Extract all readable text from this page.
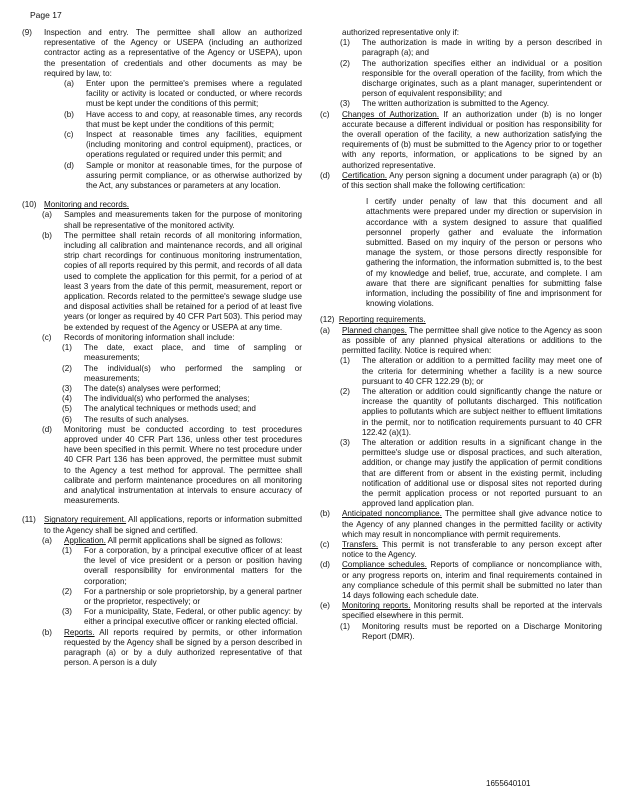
Page 17
(9) Inspection and entry. The permittee shall allow an authorized representative of the Agency or USEPA (including an authorized contractor acting as a representative of the Agency or USEPA), upon the presentation of credentials and other documents as may be required by law, to:
(a) Enter upon the permittee's premises where a regulated facility or activity is located or conducted, or where records must be kept under the conditions of this permit;
(b) Have access to and copy, at reasonable times, any records that must be kept under the conditions of this permit;
(c) Inspect at reasonable times any facilities, equipment (including monitoring and control equipment), practices, or operations regulated or required under this permit; and
(d) Sample or monitor at reasonable times, for the purpose of assuring permit compliance, or as otherwise authorized by the Act, any substances or parameters at any location.
(10) Monitoring and records.
(a) Samples and measurements taken for the purpose of monitoring shall be representative of the monitored activity.
(b) The permittee shall retain records of all monitoring information, including all calibration and maintenance records, and all original strip chart recordings for continuous monitoring instrumentation, copies of all reports required by this permit, and records of all data used to complete the application for this permit, for a period of at least 3 years from the date of this permit, measurement, report or application. Records related to the permittee's sewage sludge use and disposal activities shall be retained for a period of at least five years (or longer as required by 40 CFR Part 503). This period may be extended by request of the Agency or USEPA at any time.
(c) Records of monitoring information shall include:
(1) The date, exact place, and time of sampling or measurements;
(2) The individual(s) who performed the sampling or measurements;
(3) The date(s) analyses were performed;
(4) The individual(s) who performed the analyses;
(5) The analytical techniques or methods used; and
(6) The results of such analyses.
(d) Monitoring must be conducted according to test procedures approved under 40 CFR Part 136, unless other test procedures have been specified in this permit. Where no test procedure under 40 CFR Part 136 has been approved, the permittee must submit to the Agency a test method for approval. The permittee shall calibrate and perform maintenance procedures on all monitoring and analytical instrumentation at intervals to ensure accuracy of measurements.
(11) Signatory requirement. All applications, reports or information submitted to the Agency shall be signed and certified.
(a) Application. All permit applications shall be signed as follows:
(1) For a corporation, by a principal executive officer of at least the level of vice president or a person or position having overall responsibility for environmental matters for the corporation;
(2) For a partnership or sole proprietorship, by a general partner or the proprietor, respectively; or
(3) For a municipality, State, Federal, or other public agency: by either a principal executive officer or ranking elected official.
(b) Reports. All reports required by permits, or other information requested by the Agency shall be signed by a person described in paragraph (a) or by a duly authorized representative of that person. A person is a duly
authorized representative only if:
(1) The authorization is made in writing by a person described in paragraph (a); and
(2) The authorization specifies either an individual or a position responsible for the overall operation of the facility, from which the discharge originates, such as a plant manager, superintendent or person of equivalent responsibility; and
(3) The written authorization is submitted to the Agency.
(c) Changes of Authorization. If an authorization under (b) is no longer accurate because a different individual or position has responsibility for the overall operation of the facility, a new authorization satisfying the requirements of (b) must be submitted to the Agency prior to or together with any reports, information, or applications to be signed by an authorized representative.
(d) Certification. Any person signing a document under paragraph (a) or (b) of this section shall make the following certification:
I certify under penalty of law that this document and all attachments were prepared under my direction or supervision in accordance with a system designed to assure that qualified personnel properly gather and evaluate the information submitted. Based on my inquiry of the person or persons who manage the system, or those persons directly responsible for gathering the information, the information submitted is, to the best of my knowledge and belief, true, accurate, and complete. I am aware that there are significant penalties for submitting false information, including the possibility of fine and imprisonment for knowing violations.
(12) Reporting requirements.
(a) Planned changes. The permittee shall give notice to the Agency as soon as possible of any planned physical alterations or additions to the permitted facility. Notice is required when:
(1) The alteration or addition to a permitted facility may meet one of the criteria for determining whether a facility is a new source pursuant to 40 CFR 122.29 (b); or
(2) The alteration or addition could significantly change the nature or increase the quantity of pollutants discharged. This notification applies to pollutants which are subject neither to effluent limitations in the permit, nor to notification requirements pursuant to 40 CFR 122.42 (a)(1).
(3) The alteration or addition results in a significant change in the permittee's sludge use or disposal practices, and such alteration, addition, or change may justify the application of permit conditions that are different from or absent in the existing permit, including notification of additional use or disposal sites not reported during the permit application process or not reported pursuant to an approved land application plan.
(b) Anticipated noncompliance. The permittee shall give advance notice to the Agency of any planned changes in the permitted facility or activity which may result in noncompliance with permit requirements.
(c) Transfers. This permit is not transferable to any person except after notice to the Agency.
(d) Compliance schedules. Reports of compliance or noncompliance with, or any progress reports on, interim and final requirements contained in any compliance schedule of this permit shall be submitted no later than 14 days following each schedule date.
(e) Monitoring reports. Monitoring results shall be reported at the intervals specified elsewhere in this permit.
(1) Monitoring results must be reported on a Discharge Monitoring Report (DMR).
1655640101
